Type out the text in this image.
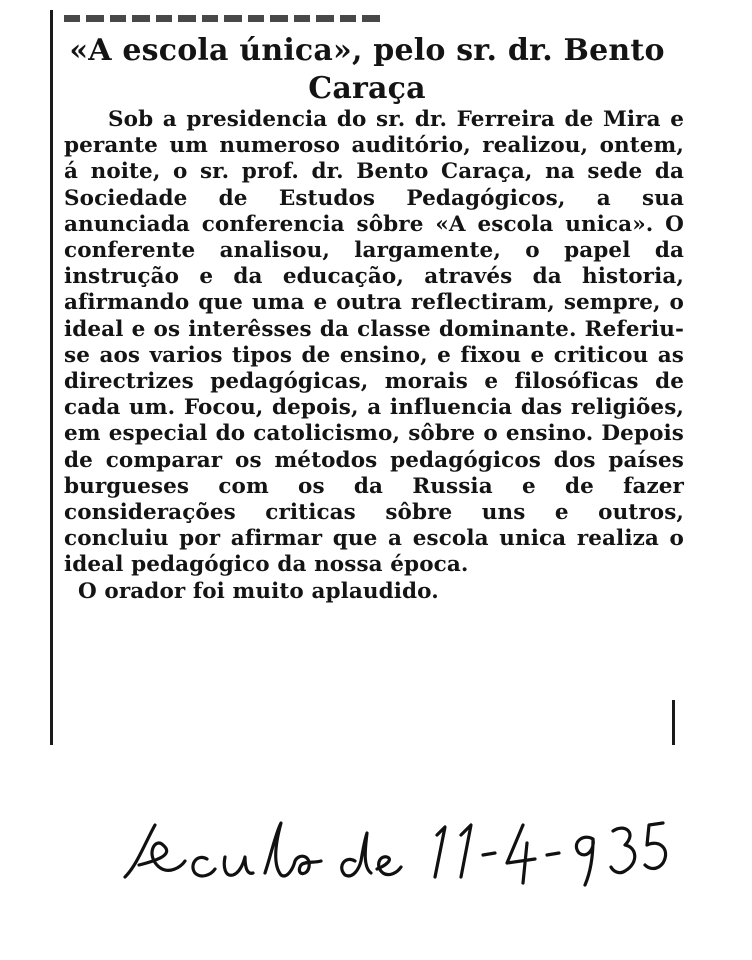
«A escola única», pelo sr. dr. Bento Caraça

Sob a presidencia do sr. dr. Ferreira de Mira e perante um numeroso auditório, realizou, ontem, á noite, o sr. prof. dr. Bento Caraça, na sede da Sociedade de Estudos Pedagógicos, a sua anunciada conferencia sôbre «A escola unica». O conferente analisou, largamente, o papel da instrução e da educação, através da historia, afirmando que uma e outra reflectiram, sempre, o ideal e os interêsses da classe dominante. Referiu-se aos varios tipos de ensino, e fixou e criticou as directrizes pedagógicas, morais e filosóficas de cada um. Focou, depois, a influencia das religiões, em especial do catolicismo, sôbre o ensino. Depois de comparar os métodos pedagógicos dos países burgueses com os da Russia e de fazer considerações criticas sôbre uns e outros, concluiu por afirmar que a escola unica realiza o ideal pedagógico da nossa época.

O orador foi muito aplaudido.
